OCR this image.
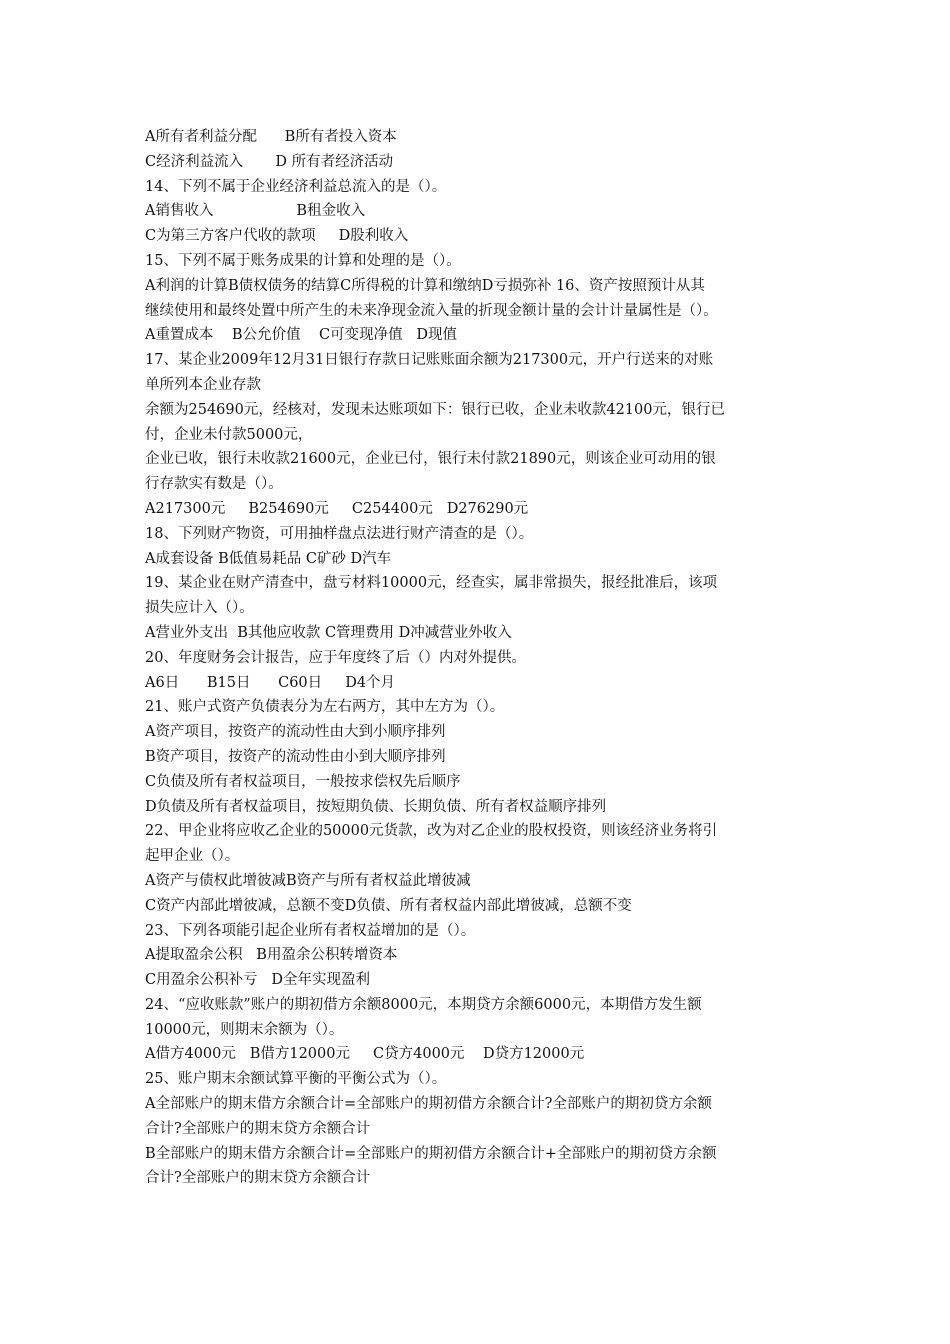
A所有者利益分配      B所有者投入资本
C经济利益流入       D 所有者经济活动
14、下列不属于企业经济利益总流入的是（）。
A销售收入                  B租金收入
C为第三方客户代收的款项     D股利收入
15、下列不属于账务成果的计算和处理的是（）。
A利润的计算B债权债务的结算C所得税的计算和缴纳D亏损弥补 16、资产按照预计从其
继续使用和最终处置中所产生的未来净现金流入量的折现金额计量的会计计量属性是（）。
A重置成本    B公允价值    C可变现净值   D现值
17、某企业2009年12月31日银行存款日记账账面余额为217300元，开户行送来的对账
单所列本企业存款
余额为254690元，经核对，发现未达账项如下：银行已收，企业未收款42100元，银行已
付，企业未付款5000元，
企业已收，银行未收款21600元，企业已付，银行未付款21890元，则该企业可动用的银
行存款实有数是（）。
A217300元     B254690元     C254400元   D276290元
18、下列财产物资，可用抽样盘点法进行财产清查的是（）。
A成套设备 B低值易耗品 C矿砂 D汽车
19、某企业在财产清查中，盘亏材料10000元，经查实，属非常损失，报经批准后，该项
损失应计入（）。
A营业外支出  B其他应收款 C管理费用 D冲减营业外收入
20、年度财务会计报告，应于年度终了后（）内对外提供。
A6日      B15日      C60日     D4个月
21、账户式资产负债表分为左右两方，其中左方为（）。
A资产项目，按资产的流动性由大到小顺序排列
B资产项目，按资产的流动性由小到大顺序排列
C负债及所有者权益项目，一般按求偿权先后顺序
D负债及所有者权益项目，按短期负债、长期负债、所有者权益顺序排列
22、甲企业将应收乙企业的50000元货款，改为对乙企业的股权投资，则该经济业务将引
起甲企业（）。
A资产与债权此增彼减B资产与所有者权益此增彼减
C资产内部此增彼减，总额不变D负债、所有者权益内部此增彼减，总额不变
23、下列各项能引起企业所有者权益增加的是（）。
A提取盈余公积   B用盈余公积转增资本
C用盈余公积补亏   D全年实现盈利
24、“应收账款”账户的期初借方余额8000元，本期贷方余额6000元，本期借方发生额
10000元，则期末余额为（）。
A借方4000元   B借方12000元     C贷方4000元    D贷方12000元
25、账户期末余额试算平衡的平衡公式为（）。
A全部账户的期末借方余额合计=全部账户的期初借方余额合计?全部账户的期初贷方余额
合计?全部账户的期末贷方余额合计
B全部账户的期末借方余额合计=全部账户的期初借方余额合计+全部账户的期初贷方余额
合计?全部账户的期末贷方余额合计
